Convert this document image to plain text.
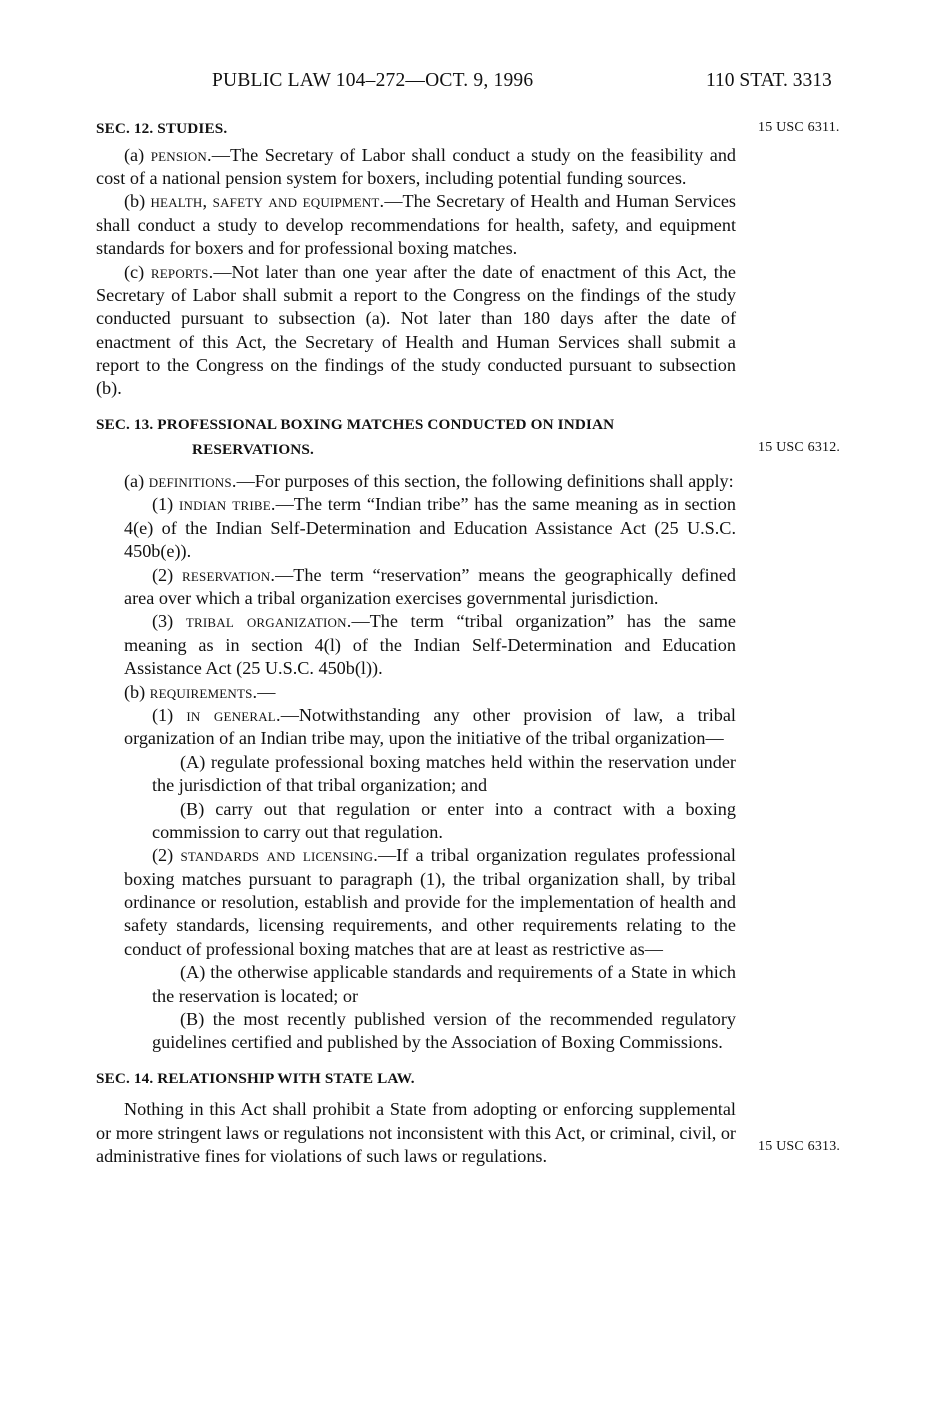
PUBLIC LAW 104–272—OCT. 9, 1996	110 STAT. 3313
15 USC 6311.
15 USC 6312.
15 USC 6313.
SEC. 12. STUDIES.

(a) pension.—The Secretary of Labor shall conduct a study on the feasibility and cost of a national pension system for boxers, including potential funding sources.

(b) health, safety and equipment.—The Secretary of Health and Human Services shall conduct a study to develop recommendations for health, safety, and equipment standards for boxers and for professional boxing matches.

(c) reports.—Not later than one year after the date of enactment of this Act, the Secretary of Labor shall submit a report to the Congress on the findings of the study conducted pursuant to subsection (a). Not later than 180 days after the date of enactment of this Act, the Secretary of Health and Human Services shall submit a report to the Congress on the findings of the study conducted pursuant to subsection (b).

SEC. 13. PROFESSIONAL BOXING MATCHES CONDUCTED ON INDIAN
RESERVATIONS.

(a) definitions.—For purposes of this section, the following definitions shall apply:

(1) indian tribe.—The term “Indian tribe” has the same meaning as in section 4(e) of the Indian Self-Determination and Education Assistance Act (25 U.S.C. 450b(e)).

(2) reservation.—The term “reservation” means the geographically defined area over which a tribal organization exercises governmental jurisdiction.

(3) tribal organization.—The term “tribal organization” has the same meaning as in section 4(l) of the Indian Self-Determination and Education Assistance Act (25 U.S.C. 450b(l)).

(b) requirements.—

(1) in general.—Notwithstanding any other provision of law, a tribal organization of an Indian tribe may, upon the initiative of the tribal organization—

(A) regulate professional boxing matches held within the reservation under the jurisdiction of that tribal organization; and

(B) carry out that regulation or enter into a contract with a boxing commission to carry out that regulation.

(2) standards and licensing.—If a tribal organization regulates professional boxing matches pursuant to paragraph (1), the tribal organization shall, by tribal ordinance or resolution, establish and provide for the implementation of health and safety standards, licensing requirements, and other requirements relating to the conduct of professional boxing matches that are at least as restrictive as—

(A) the otherwise applicable standards and requirements of a State in which the reservation is located; or

(B) the most recently published version of the recommended regulatory guidelines certified and published by the Association of Boxing Commissions.

SEC. 14. RELATIONSHIP WITH STATE LAW.

Nothing in this Act shall prohibit a State from adopting or enforcing supplemental or more stringent laws or regulations not inconsistent with this Act, or criminal, civil, or administrative fines for violations of such laws or regulations.
